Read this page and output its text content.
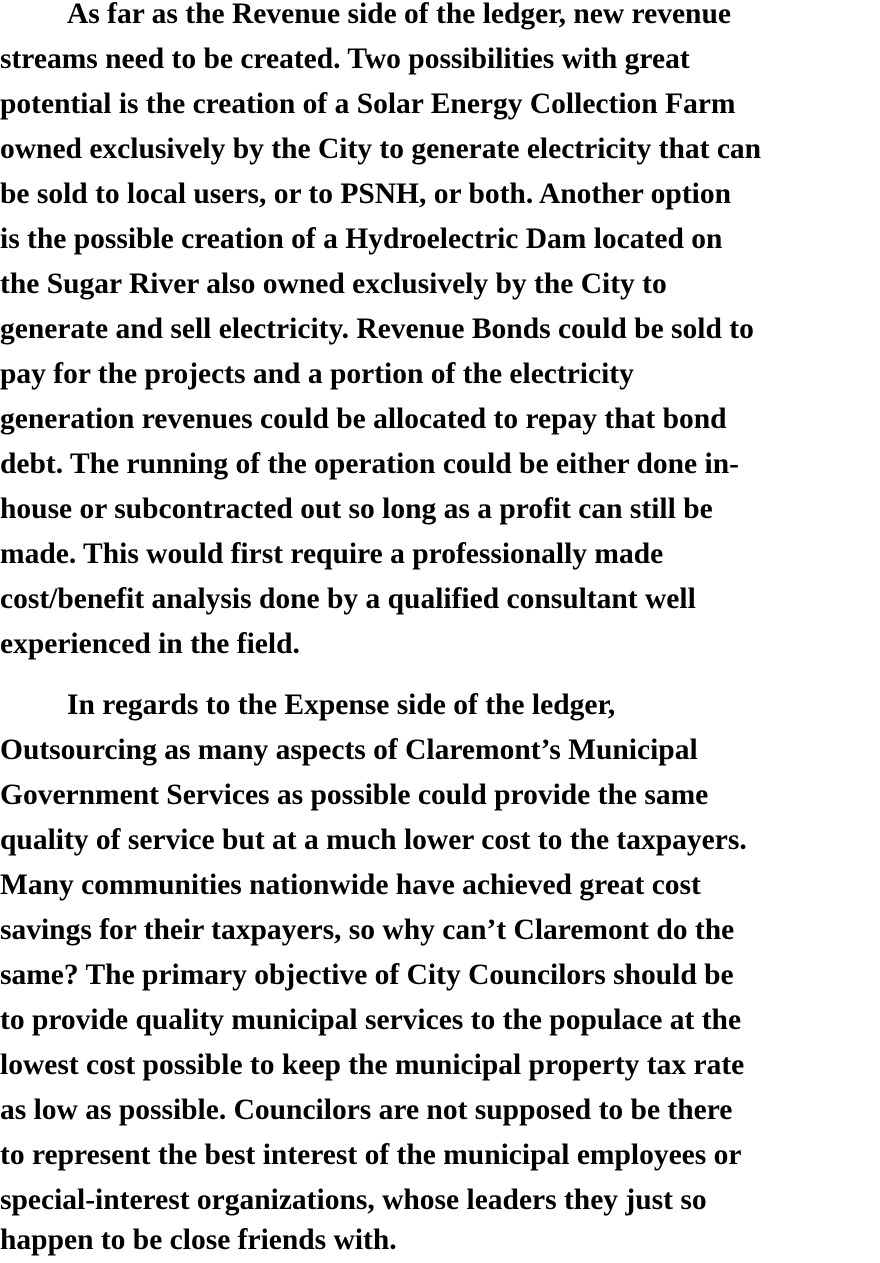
As far as the Revenue side of the ledger, new revenue
streams need to be created. Two possibilities with great
potential is the creation of a Solar Energy Collection Farm
owned exclusively by the City to generate electricity that can
be sold to local users, or to PSNH, or both. Another option
is the possible creation of a Hydroelectric Dam located on
the Sugar River also owned exclusively by the City to
generate and sell electricity. Revenue Bonds could be sold to
pay for the projects and a portion of the electricity
generation revenues could be allocated to repay that bond
debt. The running of the operation could be either done in-
house or subcontracted out so long as a profit can still be
made. This would first require a professionally made
cost/benefit analysis done by a qualified consultant well
experienced in the field.
In regards to the Expense side of the ledger,
Outsourcing as many aspects of Claremont’s Municipal
Government Services as possible could provide the same
quality of service but at a much lower cost to the taxpayers.
Many communities nationwide have achieved great cost
savings for their taxpayers, so why can’t Claremont do the
same? The primary objective of City Councilors should be
to provide quality municipal services to the populace at the
lowest cost possible to keep the municipal property tax rate
as low as possible. Councilors are not supposed to be there
to represent the best interest of the municipal employees or
special-interest organizations, whose leaders they just so
happen to be close friends with.
